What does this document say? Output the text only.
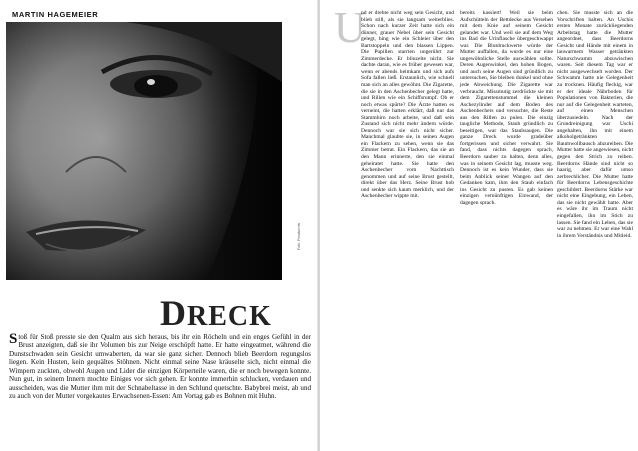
MARTIN HAGEMEIER
Foto: Privatarchiv
DRECK
Stoß für Stoß presste sie den Qualm aus sich heraus, bis ihr ein Röcheln und ein enges Gefühl in der Brust anzeigten, daß sie ihr Volumen bis zur Neige erschöpft hatte. Er hatte eingeatmet, während die Dunstschwaden sein Gesicht umwaberten, da war sie ganz sicher. Dennoch blieb Beerdorn regungslos liegen. Kein Husten, kein gequältes Stöhnen. Nicht einmal seine Nase kräuselte sich, nicht einmal die Wimpern zuckten, obwohl Augen und Lider die einzigen Körperteile waren, die er noch bewegen konnte. Nun gut, in seinem Innern mochte Einiges vor sich gehen. Er konnte immerhin schlucken, verdauen und ausscheiden, was die Mutter ihm mit der Schnabeltasse in den Schlund quetschte. Babybrei meist, ab und zu auch von der Mutter vorgekautes Erwachsenen-Essen: Am Vortag gab es Bohnen mit Huhn.
U

nd er drehte nicht weg sein Gesicht, und blieb still, als sie langsam weiterblies. Schon nach kurzer Zeit hatte sich ein dünner, grauer Nebel über sein Gesicht gelegt, hing wie ein Schleier über den Bartstoppeln und den blassen Lippen. Die Pupillen starrten ungerührt zur Zimmerdecke. Er blinzelte nicht. Sie dachte daran, wie es früher gewesen war, wenn er abends heimkam und sich aufs Sofa fallen ließ. Erstaunlich, wie schnell man sich an alles gewöhnt. Die Zigarette, die sie in den Aschenbecher gelegt hatte, und Rillen wie ein Schiffsrumpf. Ob er noch etwas spürte? Die Ärzte hatten es verneint, die hatten erklärt, daß nur das Stammhirn noch arbeite, und daß sein Zustand sich nicht mehr ändern würde. Dennoch war sie sich nicht sicher. Manchmal glaubte sie, in seinen Augen ein Flackern zu sehen, wenn sie das Zimmer betrat. Ein Flackern, das sie an den Mann erinnerte, den sie einmal geheiratet hatte. Sie hatte den Aschenbecher vom Nachttisch genommen und auf seine Brust gestellt, direkt über das Herz. Seine Brust hob und senkte sich kaum merklich, und der Aschenbecher wippte mit.

bereits kassiert! Weil sie beim Aufschütteln der Bettdecke aus Versehen mit dem Knie auf seinem Gesicht gelandet war. Und weil sie auf dem Weg ins Bad die Urinflasche übergeschwappt war. Die Blutdruckwerte würde der Mutter auffallen, da wurde es nur eine ungewöhnliche Stelle auswählen sollte. Deren Augenwinkel, den hohen Bogen, und auch seine Augen sind gründlich zu untersuchen, Sie bleiben dunkel und ohne jede Abweichung. Die Zigarette war verbraucht. Missmutig zerdrückte sie mit dem Zigarettenstummel die kleinen Aschezylinder auf dem Boden des Aschenbechers und versuchte, die Reste aus den Rillen zu pulen. Die einzig taugliche Methode, Staub gründlich zu beseitigen, war das Staubsaugen. Die ganze Dreck wurde gradeüber fortgerissen und sicher verwahrt. Sie fand, dass nichts dagegen sprach, Beerdorn sauber zu halten, denn alles, was in seinem Gesicht lag, musste weg. Dennoch ist es kein Wunder, dass sie beim Anblick seiner Wangen auf den Gedanken kam, ihm den Staub einfach ins Gesicht zu pusten. Es gab keinen einzigen vernünftigen Einwand, der dagegen sprach.

chen. Sie musste sich an die Vorschriften halten. An Uschis ersten Monate zurückliegenden Arbeitstag hatte die Mutter angeordnet, dass Beerdorns Gesicht und Hände mit einem in lauwarmem Wasser getränkten Naturschwamm abzuwischen waren. Seit diesem Tag war er nicht ausgewechselt worden. Der Schwamm hatte nie Gelegenheit zu trocknen. Häufig fleckig, war er der ideale Nährboden für Populationen von Bakterien, die nur auf die Gelegenheit warteten, auf einen Menschen überzusiedeln. Nach der Grundreinigung war Uschi angehalten, ihn mit einem alkoholgetränkten Baumwollbausch abzureiben. Die Mutter hatte sie angewiesen, nicht gegen den Strich zu reiben. Beerdorns Hände sind nicht so haarig, aber dafür umso zerbrechlicher. Die Mutter hatte für Beerdorns Lebensgeschichte geschildert. Beerdorns Stärke war nicht eine Eingebung, ein Leben, das sie nicht gewählt hatte. Aber es wäre ihr im Traum nicht eingefallen, ihn im Stich zu lassen. Sie fand ein Leben, das sie war zu nehmen. Er war eine Wahl in ihrem Verständnis und Mitleid.
